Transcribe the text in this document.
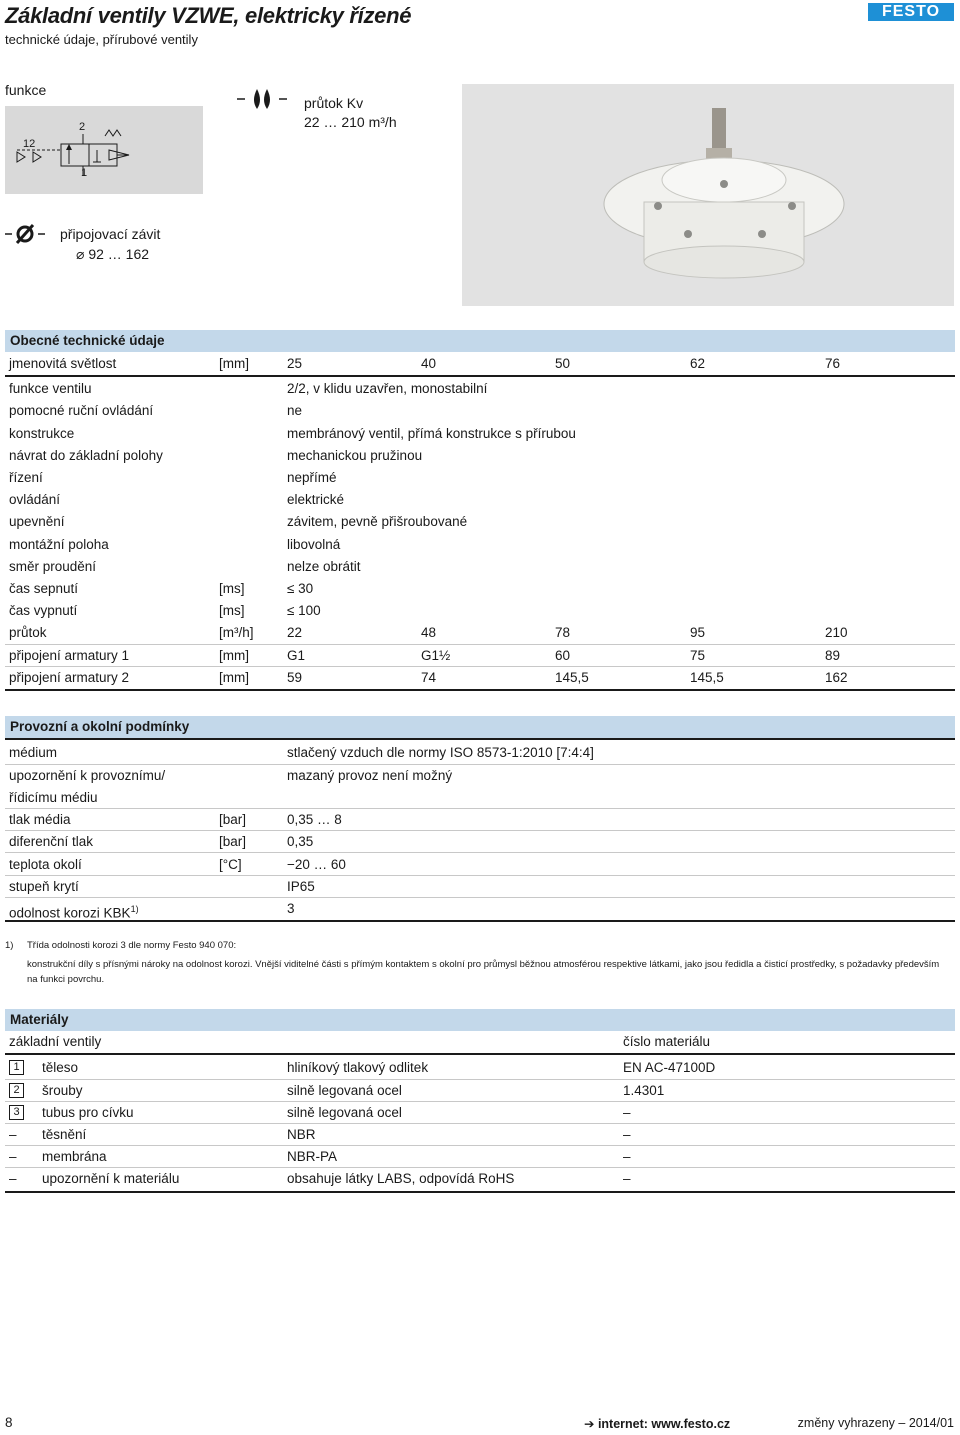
Základní ventily VZWE, elektricky řízené
technické údaje, přírubové ventily
FESTO
funkce
2
12
1
průtok Kv
22 … 210 m³/h
připojovací závit
⌀ 92 … 162
Obecné technické údaje
jmenovitá světlost	[mm]	25	40	50	62	76
funkce ventilu	2/2, v klidu uzavřen, monostabilní
pomocné ruční ovládání	ne
konstrukce	membránový ventil, přímá konstrukce s přírubou
návrat do základní polohy	mechanickou pružinou
řízení	nepřímé
ovládání	elektrické
upevnění	závitem, pevně přišroubované
montážní poloha	libovolná
směr proudění	nelze obrátit
čas sepnutí	[ms]	≤ 30
čas vypnutí	[ms]	≤ 100
průtok	[m³/h] 22	48	78	95	210
připojení armatury 1	[mm]	G1	G1½	60	75	89
připojení armatury 2	[mm]	59	74	145,5	145,5	162
Provozní a okolní podmínky
médium	stlačený vzduch dle normy ISO 8573-1:2010 [7:4:4]
upozornění k provoznímu/	mazaný provoz není možný
řídicímu médiu
tlak média	[bar]	0,35 … 8
diferenční tlak	[bar]	0,35
teplota okolí	[°C]	−20 … 60
stupeň krytí	IP65
odolnost korozi KBK$^{1)}$	3
1) Třída odolnosti korozi 3 dle normy Festo 940 070:
konstrukční díly s přísnými nároky na odolnost korozi. Vnější viditelné části s přímým kontaktem s okolní pro průmysl běžnou atmosférou respektive látkami, jako jsou ředidla a čisticí prostředky, s požadavky především na funkci povrchu.
Materiály
základní ventily	číslo materiálu
1	těleso	hliníkový tlakový odlitek	EN AC-47100D
2	šrouby	silně legovaná ocel	1.4301
3	tubus pro cívku	silně legovaná ocel	–
– těsnění	NBR	–
– membrána	NBR-PA	–
– upozornění k materiálu	obsahuje látky LABS, odpovídá RoHS	–
8	➔ internet: www.festo.cz	změny vyhrazeny – 2014/01
